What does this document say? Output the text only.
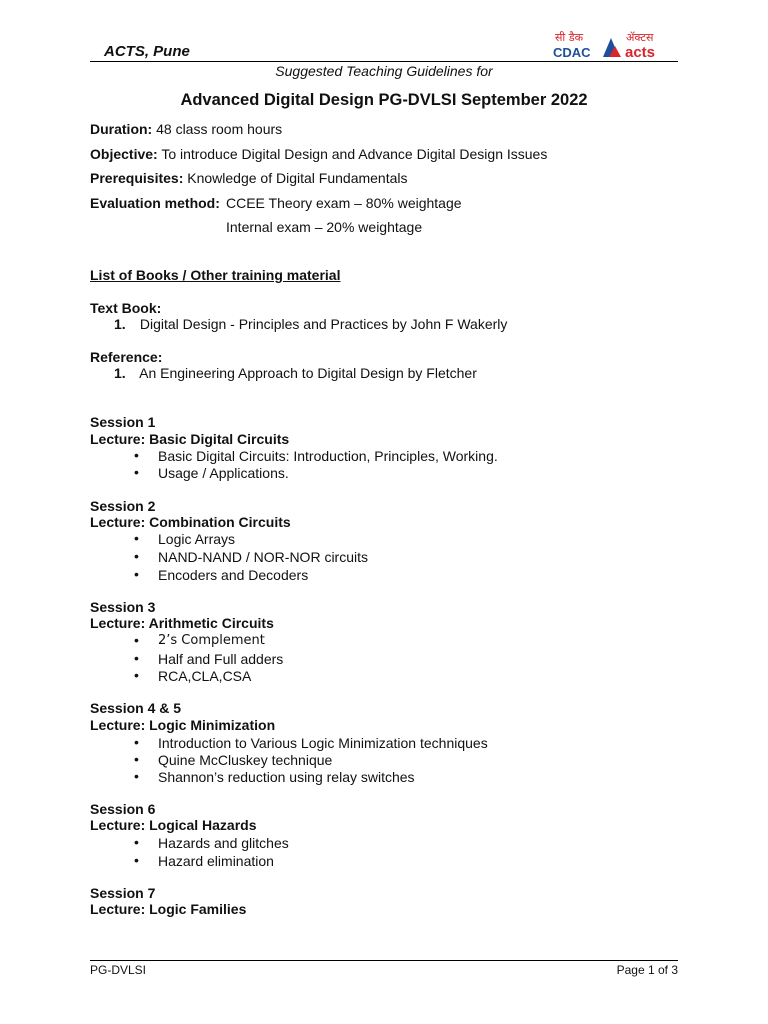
ACTS, Pune
सी डैक
CDAC
ॲक्टस
acts
Suggested Teaching Guidelines for
Advanced Digital Design PG-DVLSI September 2022
Duration: 48 class room hours
Objective: To introduce Digital Design and Advance Digital Design Issues
Prerequisites: Knowledge of Digital Fundamentals
Evaluation method: CCEE Theory exam – 80% weightage
Internal exam – 20% weightage
List of Books / Other training material
Text Book:
1. Digital Design - Principles and Practices by John F Wakerly
Reference:
1. An Engineering Approach to Digital Design by Fletcher
Session 1
Lecture: Basic Digital Circuits
• Basic Digital Circuits: Introduction, Principles, Working.
• Usage / Applications.
Session 2
Lecture: Combination Circuits
• Logic Arrays
• NAND-NAND / NOR-NOR circuits
• Encoders and Decoders
Session 3
Lecture: Arithmetic Circuits
• 2’s Complement
• Half and Full adders
• RCA,CLA,CSA
Session 4 & 5
Lecture: Logic Minimization
• Introduction to Various Logic Minimization techniques
• Quine McCluskey technique
• Shannon’s reduction using relay switches
Session 6
Lecture: Logical Hazards
• Hazards and glitches
• Hazard elimination
Session 7
Lecture: Logic Families
PG-DVLSI	Page 1 of 3
